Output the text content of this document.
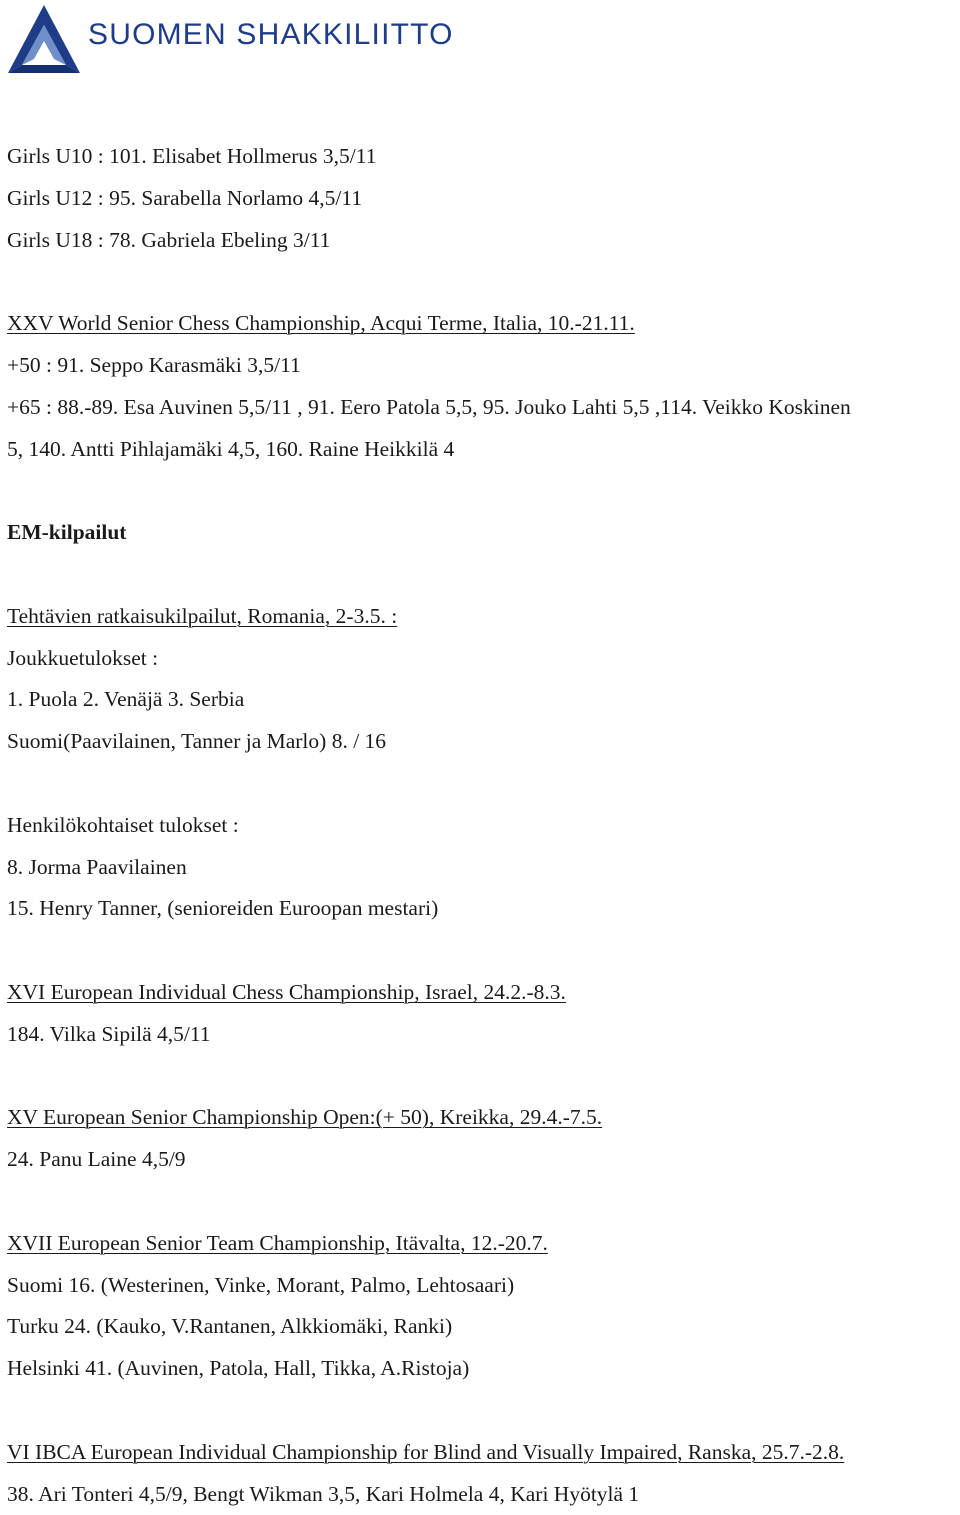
SUOMEN SHAKKILIITTO
Girls U10 : 101. Elisabet Hollmerus 3,5/11
Girls U12 : 95. Sarabella Norlamo 4,5/11
Girls U18 : 78. Gabriela Ebeling 3/11
XXV World Senior Chess Championship, Acqui Terme, Italia, 10.-21.11.
+50 : 91. Seppo Karasmäki 3,5/11
+65 : 88.-89. Esa Auvinen 5,5/11 , 91. Eero Patola 5,5, 95. Jouko Lahti 5,5 ,114. Veikko Koskinen
5, 140. Antti Pihlajamäki 4,5, 160. Raine Heikkilä 4
EM-kilpailut
Tehtävien ratkaisukilpailut, Romania, 2-3.5. :
Joukkuetulokset :
1. Puola 2. Venäjä 3. Serbia
Suomi(Paavilainen, Tanner ja Marlo) 8. / 16
Henkilökohtaiset tulokset :
8. Jorma Paavilainen
15. Henry Tanner, (senioreiden Euroopan mestari)
XVI European Individual Chess Championship, Israel, 24.2.-8.3.
184. Vilka Sipilä 4,5/11
XV European Senior Championship Open:(+ 50), Kreikka, 29.4.-7.5.
24. Panu Laine 4,5/9
XVII European Senior Team Championship, Itävalta, 12.-20.7.
Suomi 16. (Westerinen, Vinke, Morant, Palmo, Lehtosaari)
Turku 24. (Kauko, V.Rantanen, Alkkiomäki, Ranki)
Helsinki 41. (Auvinen, Patola, Hall, Tikka, A.Ristoja)
VI IBCA European Individual Championship for Blind and Visually Impaired, Ranska, 25.7.-2.8.
38. Ari Tonteri 4,5/9, Bengt Wikman 3,5, Kari Holmela 4, Kari Hyötylä 1
